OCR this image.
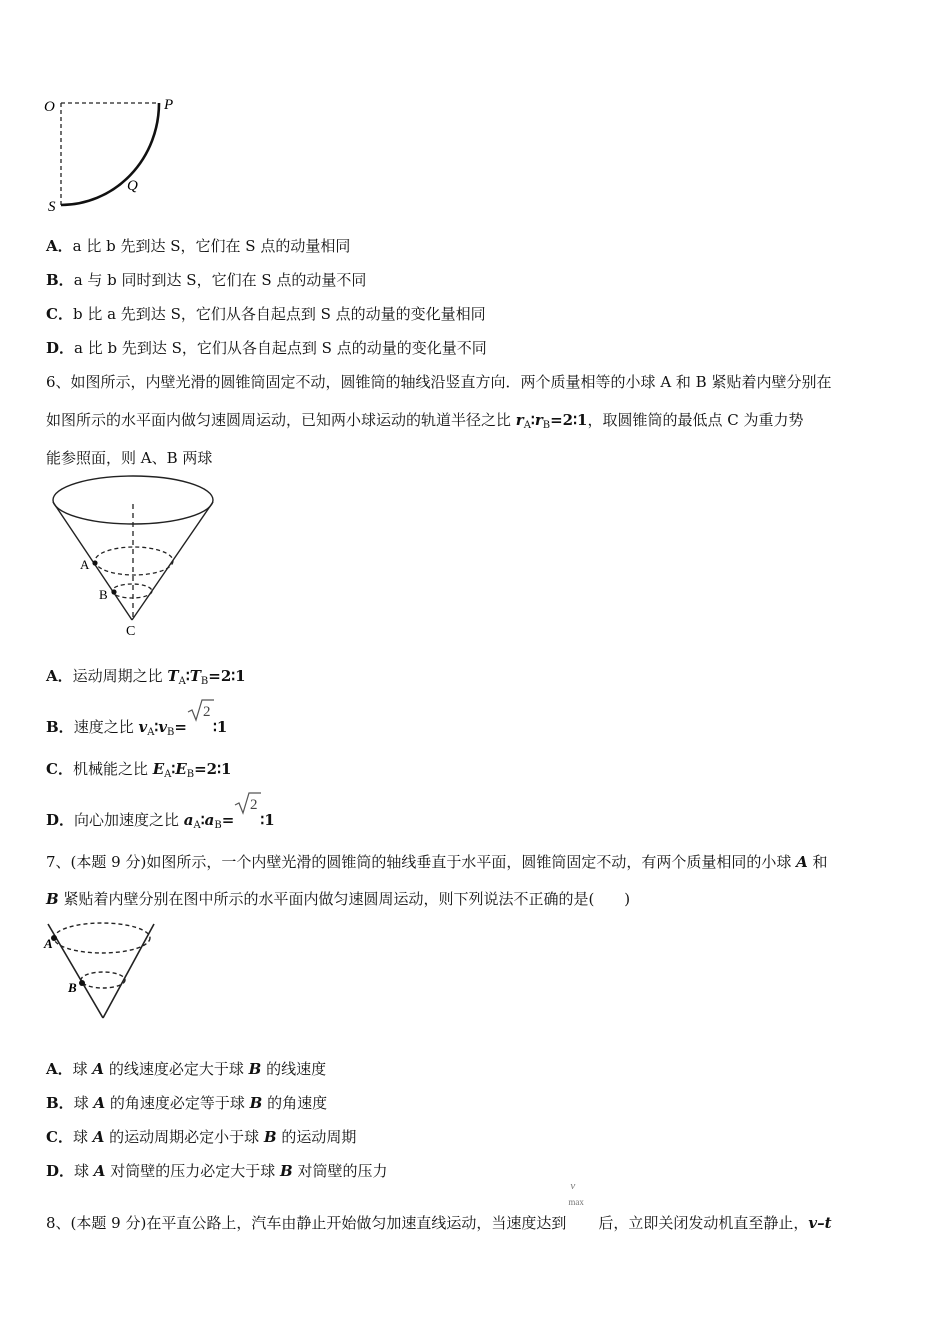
O	P
Q
S
A．a 比 b 先到达 S，它们在 S 点的动量相同
B．a 与 b 同时到达 S，它们在 S 点的动量不同
C．b 比 a 先到达 S，它们从各自起点到 S 点的动量的变化量相同
D．a 比 b 先到达 S，它们从各自起点到 S 点的动量的变化量不同
6、如图所示，内壁光滑的圆锥筒固定不动，圆锥筒的轴线沿竖直方向．两个质量相等的小球 A 和 B 紧贴着内壁分别在
如图所示的水平面内做匀速圆周运动，已知两小球运动的轨道半径之比 $r_A∶r_B=2∶1$，取圆锥筒的最低点 C 为重力势
能参照面，则 A、B 两球
A
B
C
A．运动周期之比 $T_A∶T_B=2∶1$
B．速度之比 $v_A∶v_B=$
2
∶1
C．机械能之比 $E_A∶E_B=2∶1$
D．向心加速度之比 $a_A∶a_B=$
2
∶1
7、(本题 9 分)如图所示，一个内壁光滑的圆锥筒的轴线垂直于水平面，圆锥筒固定不动，有两个质量相同的小球 A 和
B 紧贴着内壁分别在图中所示的水平面内做匀速圆周运动，则下列说法不正确的是(　　)
A
B
A．球 A 的线速度必定大于球 B 的线速度
B．球 A 的角速度必定等于球 B 的角速度
C．球 A 的运动周期必定小于球 B 的运动周期
D．球 A 对筒壁的压力必定大于球 B 对筒壁的压力
8、(本题 9 分)在平直公路上，汽车由静止开始做匀加速直线运动，当速度达到
v
max
后，立即关闭发动机直至静止，v–t
